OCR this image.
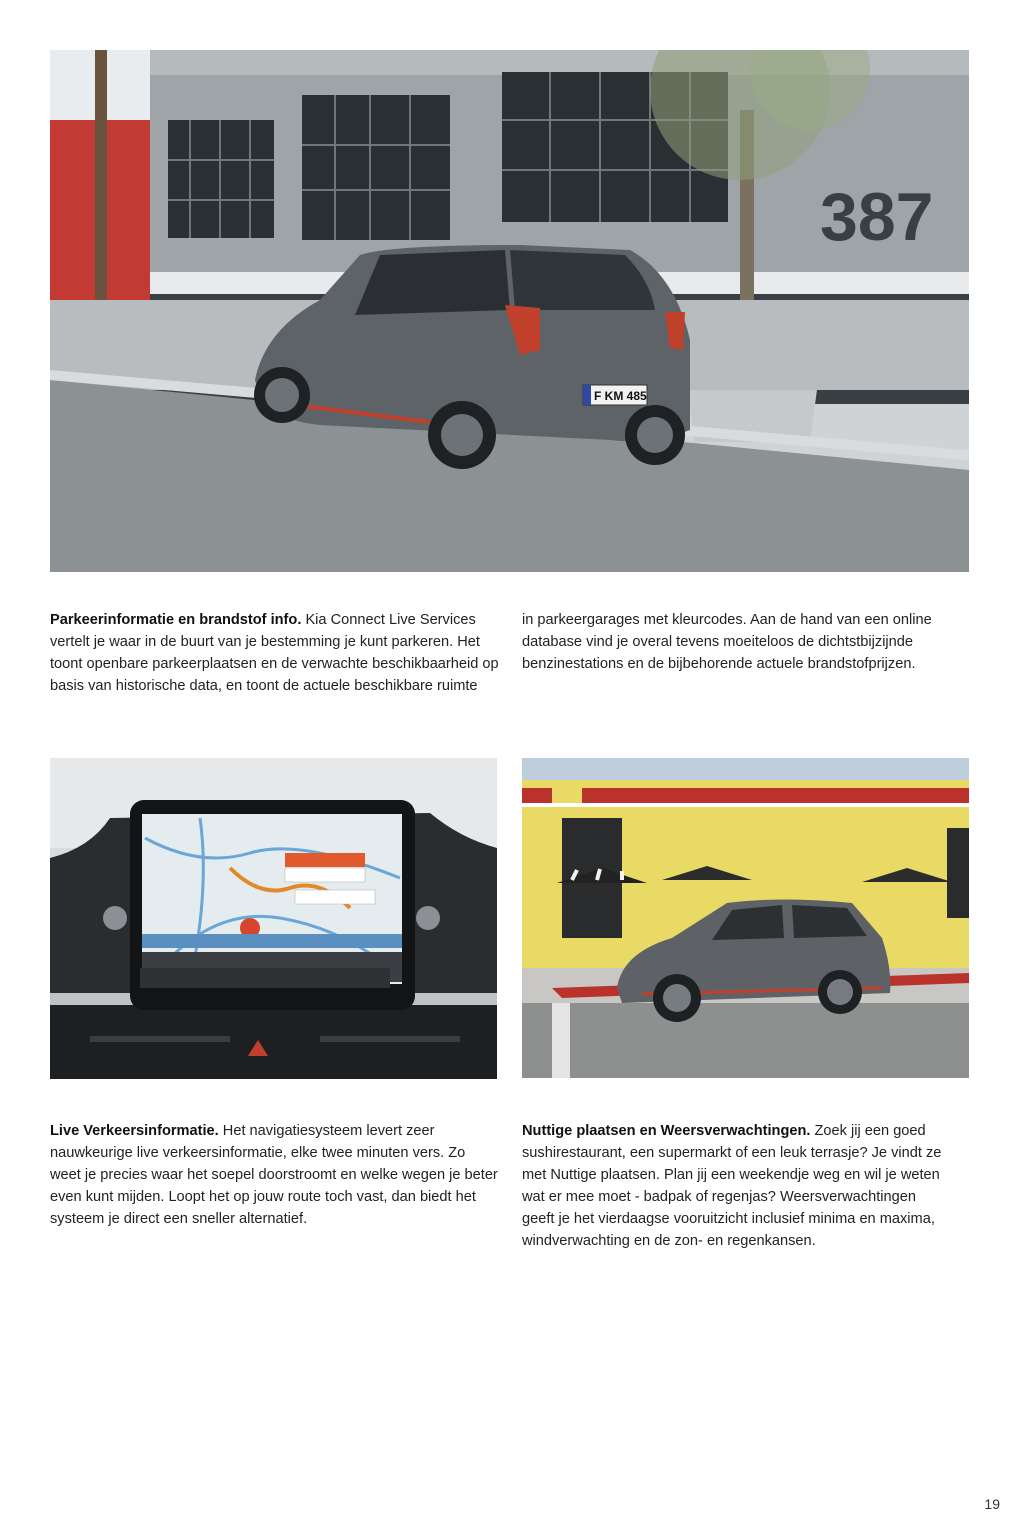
387
F KM 485
Parkeerinformatie en brandstof info. Kia Connect Live Services vertelt je waar in de buurt van je bestemming je kunt parkeren. Het toont openbare parkeerplaatsen en de verwachte beschikbaarheid op basis van historische data, en toont de actuele beschikbare ruimte
in parkeergarages met kleurcodes. Aan de hand van een online database vind je overal tevens moeiteloos de dichtstbijzijnde benzinestations en de bijbehorende actuele brandstofprijzen.
Live Verkeersinformatie. Het navigatiesysteem levert zeer nauwkeurige live verkeersinformatie, elke twee minuten vers. Zo weet je precies waar het soepel doorstroomt en welke wegen je beter even kunt mijden. Loopt het op jouw route toch vast, dan biedt het systeem je direct een sneller alternatief.
Nuttige plaatsen en Weersverwachtingen. Zoek jij een goed sushirestaurant, een supermarkt of een leuk terrasje? Je vindt ze met Nuttige plaatsen. Plan jij een weekendje weg en wil je weten wat er mee moet - badpak of regenjas? Weersverwachtingen geeft je het vierdaagse vooruitzicht inclusief minima en maxima, windverwachting en de zon- en regenkansen.
19
